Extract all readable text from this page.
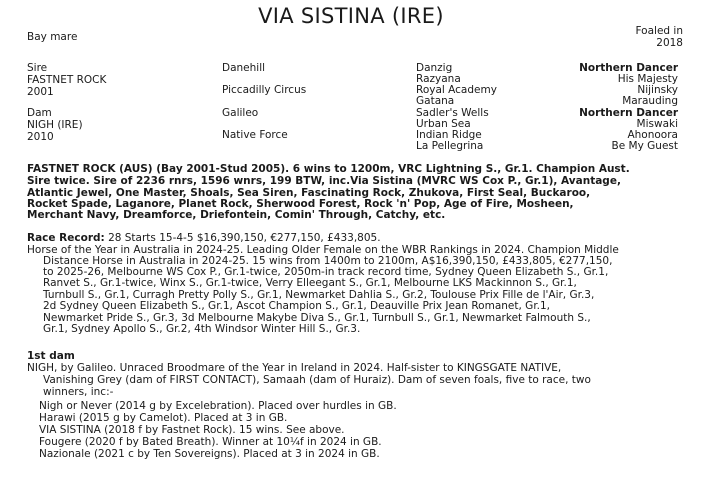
VIA SISTINA (IRE)
Bay mare	Foaled in
2018
Sire
FASTNET ROCK
2001
Dam
NIGH (IRE)
2010
Danehill
Piccadilly Circus
Galileo
Native Force
Danzig
Razyana
Royal Academy
Gatana
Sadler's Wells
Urban Sea
Indian Ridge
La Pellegrina
Northern Dancer
His Majesty
Nijinsky
Marauding
Northern Dancer
Miswaki
Ahonoora
Be My Guest
FASTNET ROCK (AUS) (Bay 2001-Stud 2005). 6 wins to 1200m, VRC Lightning S., Gr.1. Champion Aust.
Sire twice. Sire of 2236 rnrs, 1596 wnrs, 199 BTW, inc.Via Sistina (MVRC WS Cox P., Gr.1), Avantage,
Atlantic Jewel, One Master, Shoals, Sea Siren, Fascinating Rock, Zhukova, First Seal, Buckaroo,
Rocket Spade, Laganore, Planet Rock, Sherwood Forest, Rock 'n' Pop, Age of Fire, Mosheen,
Merchant Navy, Dreamforce, Driefontein, Comin' Through, Catchy, etc.
Race Record: 28 Starts 15-4-5 $16,390,150, €277,150, £433,805.
Horse of the Year in Australia in 2024-25. Leading Older Female on the WBR Rankings in 2024. Champion Middle
Distance Horse in Australia in 2024-25. 15 wins from 1400m to 2100m, A$16,390,150, £433,805, €277,150,
to 2025-26, Melbourne WS Cox P., Gr.1-twice, 2050m-in track record time, Sydney Queen Elizabeth S., Gr.1,
Ranvet S., Gr.1-twice, Winx S., Gr.1-twice, Verry Elleegant S., Gr.1, Melbourne LKS Mackinnon S., Gr.1,
Turnbull S., Gr.1, Curragh Pretty Polly S., Gr.1, Newmarket Dahlia S., Gr.2, Toulouse Prix Fille de l'Air, Gr.3,
2d Sydney Queen Elizabeth S., Gr.1, Ascot Champion S., Gr.1, Deauville Prix Jean Romanet, Gr.1,
Newmarket Pride S., Gr.3, 3d Melbourne Makybe Diva S., Gr.1, Turnbull S., Gr.1, Newmarket Falmouth S.,
Gr.1, Sydney Apollo S., Gr.2, 4th Windsor Winter Hill S., Gr.3.
1st dam
NIGH, by Galileo. Unraced Broodmare of the Year in Ireland in 2024. Half-sister to KINGSGATE NATIVE,
Vanishing Grey (dam of FIRST CONTACT), Samaah (dam of Huraiz). Dam of seven foals, five to race, two
winners, inc:-
Nigh or Never (2014 g by Excelebration). Placed over hurdles in GB.
Harawi (2015 g by Camelot). Placed at 3 in GB.
VIA SISTINA (2018 f by Fastnet Rock). 15 wins. See above.
Fougere (2020 f by Bated Breath). Winner at 10¼f in 2024 in GB.
Nazionale (2021 c by Ten Sovereigns). Placed at 3 in 2024 in GB.
